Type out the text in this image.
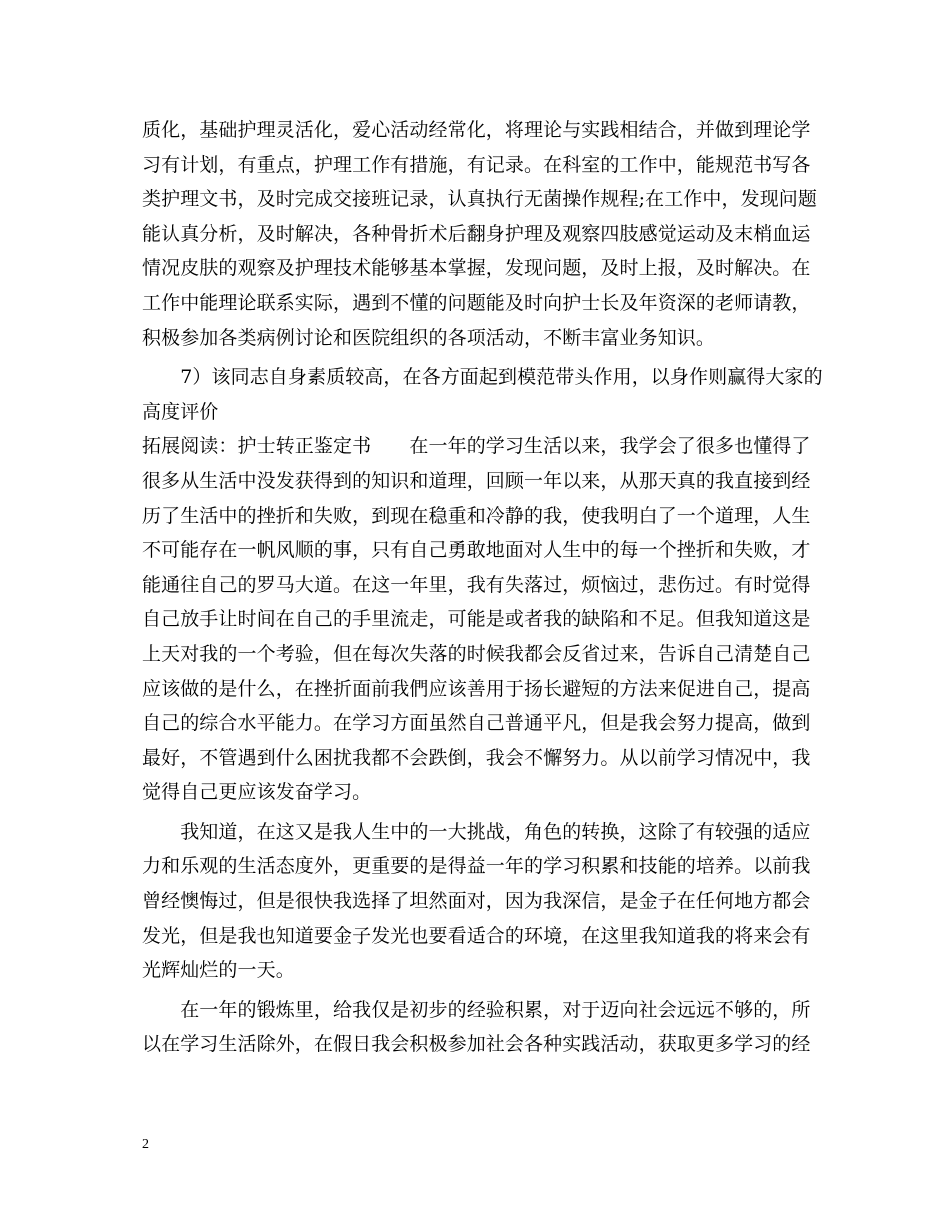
质化，基础护理灵活化，爱心活动经常化，将理论与实践相结合，并做到理论学
习有计划，有重点，护理工作有措施，有记录。在科室的工作中，能规范书写各
类护理文书，及时完成交接班记录，认真执行无菌操作规程;在工作中，发现问题
能认真分析，及时解决，各种骨折术后翻身护理及观察四肢感觉运动及末梢血运
情况皮肤的观察及护理技术能够基本掌握，发现问题，及时上报，及时解决。在
工作中能理论联系实际，遇到不懂的问题能及时向护士长及年资深的老师请教，
积极参加各类病例讨论和医院组织的各项活动，不断丰富业务知识。
　　7）该同志自身素质较高，在各方面起到模范带头作用，以身作则赢得大家的
高度评价
拓展阅读：护士转正鉴定书　　在一年的学习生活以来，我学会了很多也懂得了
很多从生活中没发获得到的知识和道理，回顾一年以来，从那天真的我直接到经
历了生活中的挫折和失败，到现在稳重和冷静的我，使我明白了一个道理，人生
不可能存在一帆风顺的事，只有自己勇敢地面对人生中的每一个挫折和失败，才
能通往自己的罗马大道。在这一年里，我有失落过，烦恼过，悲伤过。有时觉得
自己放手让时间在自己的手里流走，可能是或者我的缺陷和不足。但我知道这是
上天对我的一个考验，但在每次失落的时候我都会反省过来，告诉自己清楚自己
应该做的是什么，在挫折面前我們应该善用于扬长避短的方法来促进自己，提高
自己的综合水平能力。在学习方面虽然自己普通平凡，但是我会努力提高，做到
最好，不管遇到什么困扰我都不会跌倒，我会不懈努力。从以前学习情况中，我
觉得自己更应该发奋学习。
　　我知道，在这又是我人生中的一大挑战，角色的转换，这除了有较强的适应
力和乐观的生活态度外，更重要的是得益一年的学习积累和技能的培养。以前我
曾经懊悔过，但是很快我选择了坦然面对，因为我深信，是金子在任何地方都会
发光，但是我也知道要金子发光也要看适合的环境，在这里我知道我的将来会有
光辉灿烂的一天。
　　在一年的锻炼里，给我仅是初步的经验积累，对于迈向社会远远不够的，所
以在学习生活除外，在假日我会积极参加社会各种实践活动，获取更多学习的经
2
